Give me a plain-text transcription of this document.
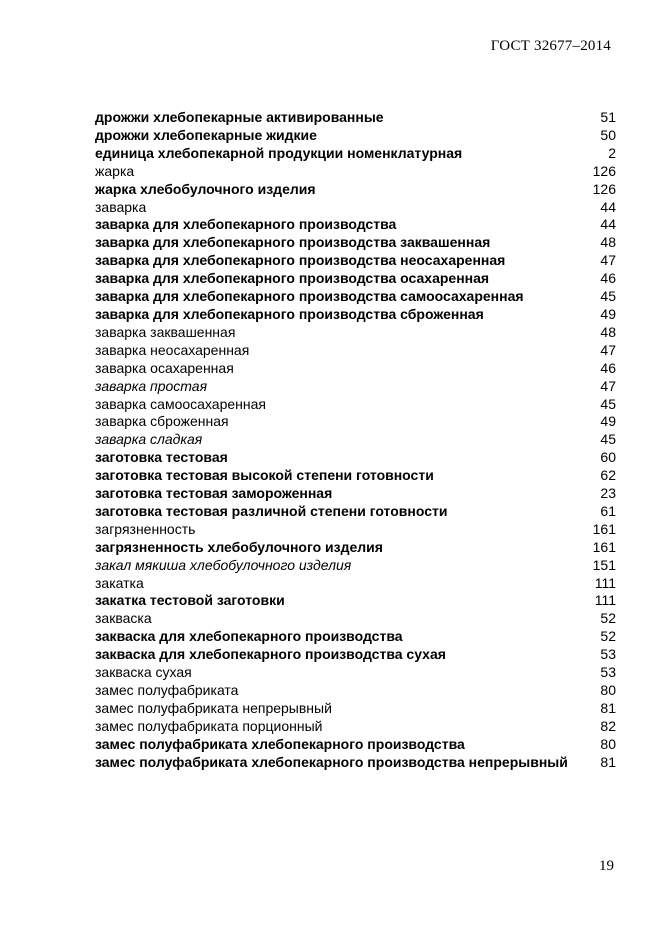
ГОСТ 32677–2014
дрожжи хлебопекарные активированные	51
дрожжи хлебопекарные жидкие	50
единица хлебопекарной продукции номенклатурная	2
жарка	126
жарка хлебобулочного изделия	126
заварка	44
заварка для хлебопекарного производства	44
заварка для хлебопекарного производства заквашенная	48
заварка для хлебопекарного производства неосахаренная	47
заварка для хлебопекарного производства осахаренная	46
заварка для хлебопекарного производства самоосахаренная	45
заварка для хлебопекарного производства сброженная	49
заварка заквашенная	48
заварка неосахаренная	47
заварка осахаренная	46
заварка простая	47
заварка самоосахаренная	45
заварка сброженная	49
заварка сладкая	45
заготовка тестовая	60
заготовка тестовая высокой степени готовности	62
заготовка тестовая замороженная	23
заготовка тестовая различной степени готовности	61
загрязненность	161
загрязненность хлебобулочного изделия	161
закал мякиша хлебобулочного изделия	151
закатка	111
закатка тестовой заготовки	111
закваска	52
закваска для хлебопекарного производства	52
закваска для хлебопекарного производства сухая	53
закваска сухая	53
замес полуфабриката	80
замес полуфабриката непрерывный	81
замес полуфабриката порционный	82
замес полуфабриката хлебопекарного производства	80
замес полуфабриката хлебопекарного производства непрерывный	81
19
